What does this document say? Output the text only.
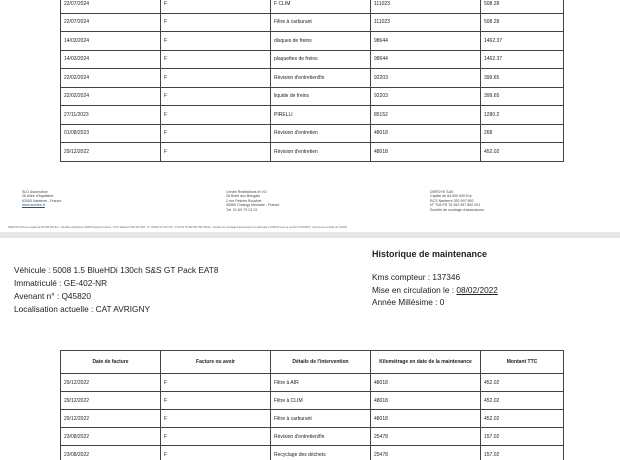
22/07/2024	F	F CLIM	111023	508.28
22/07/2024	F	Filtre à carburant	111023	508.28
14/03/2024	F	disques de freins	98644	1462.37
14/03/2024	F	plaquettes de freins	98644	1462.37
22/02/2024	F	Révision d'entretien/fin	92203	399.65
22/02/2024	F	liquide de freins	92203	399.65
27/11/2023	F	PIRELLI	85152	1280.2
01/08/2023	F	Révision d'entretien	48018	268
29/12/2022	F	Révision d'entretien	48018	452.02
SLD Automotive
26 Allée d'Aquitaine
92000 Nanterre - France
www.sumiss.fr
Centre Restitutions et VO
28 Boite aux Bengals
2 rue Pelmes Bouchet
45380 Chaingy Moulaire - France
Tél. 01 69 79 13 13
DEROYE SAS
Capital de 84 600 000 Eur
RCS Nanterre 352 997 892
N° TVA FR 78 352 997 892 001
Société de courtage d'assurances
DEROYE SAS au capital de 84 600 000 Eur - 26 Allée d'Aquitaine 92000 Nanterre France - RCS Nanterre 352 997 892 - N° ORIAS 07 023 075 - TVA FR 78 352 997 892 00016 - Société de courtage d'assurances immatriculée à l'ORIAS sous le numéro 07023075 - Soumis au contrôle de l'ACPR
Véhicule : 5008 1.5 BlueHDi 130ch S&S GT Pack EAT8
Immatriculé : GE-402-NR
Avenant n° : Q45820
Localisation actuelle : CAT AVRIGNY
Historique de maintenance
Kms compteur : 137346
Mise en circulation le : 08/02/2022
Année Millésime : 0
Date de facture	Facture ou avoir	Détails de l'intervention	Kilométrage en date de la maintenance	Montant TTC
29/12/2022	F	Filtre à AIR	48018	452.02
29/12/2022	F	Filtre à CLIM	48018	452.02
29/12/2022	F	Filtre à carburant	48018	452.02
23/08/2022	F	Révision d'entretien/fin	25478	157.02
23/08/2022	F	Recyclage des déchets	25478	157.02
